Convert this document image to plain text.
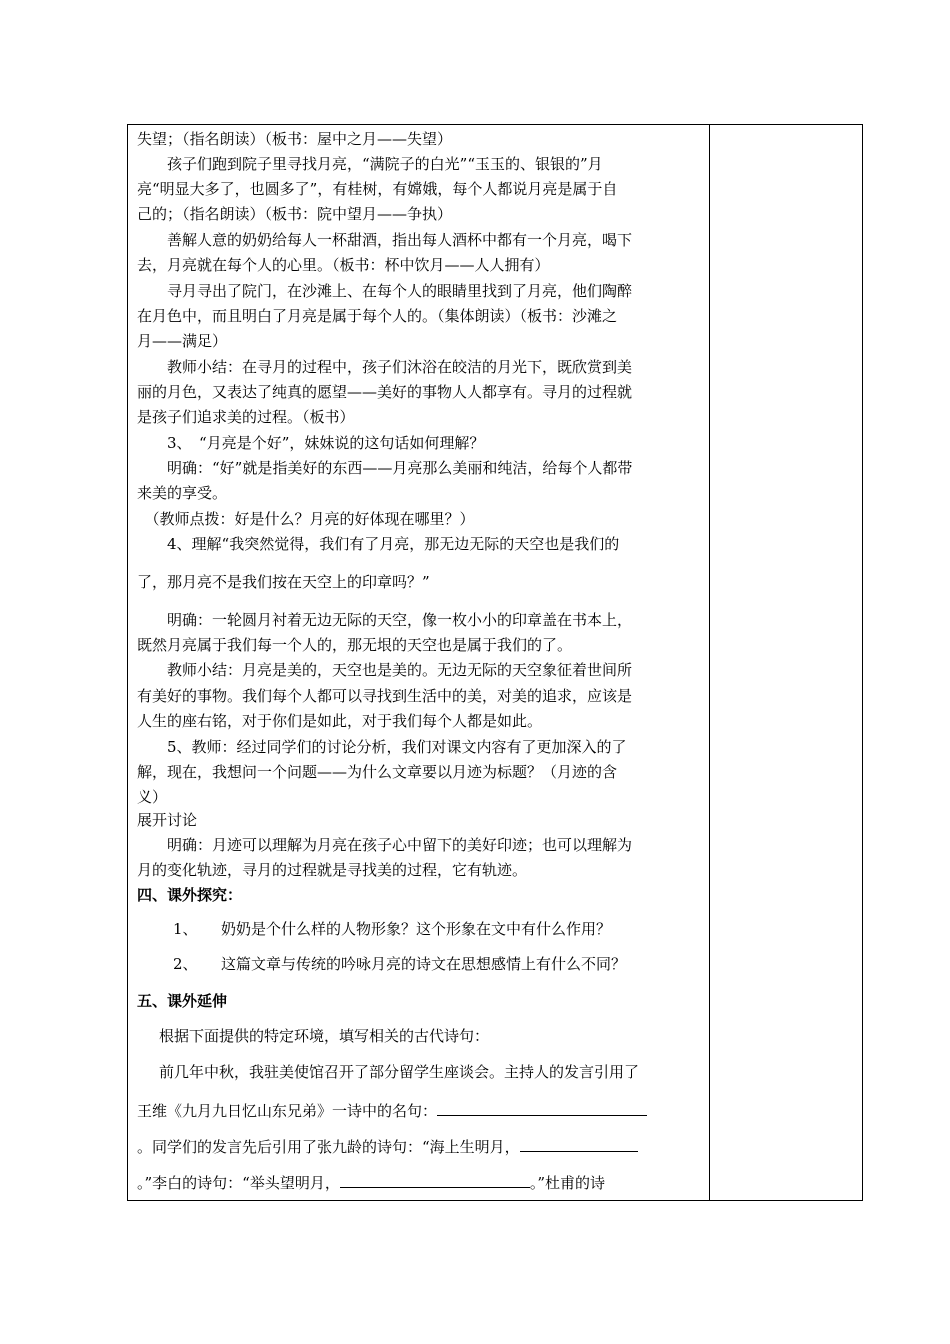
失望；（指名朗读）（板书：屋中之月——失望）
　　孩子们跑到院子里寻找月亮，“满院子的白光”“玉玉的、银银的”月
亮“明显大多了，也圆多了”，有桂树，有嫦娥，每个人都说月亮是属于自
己的；（指名朗读）（板书：院中望月——争执）
　　善解人意的奶奶给每人一杯甜酒，指出每人酒杯中都有一个月亮，喝下
去，月亮就在每个人的心里。（板书：杯中饮月——人人拥有）
　　寻月寻出了院门，在沙滩上、在每个人的眼睛里找到了月亮，他们陶醉
在月色中，而且明白了月亮是属于每个人的。（集体朗读）（板书：沙滩之
月——满足）
　　教师小结：在寻月的过程中，孩子们沐浴在皎洁的月光下，既欣赏到美
丽的月色，又表达了纯真的愿望——美好的事物人人都享有。寻月的过程就
是孩子们追求美的过程。（板书）
　　3、　“月亮是个好”，妹妹说的这句话如何理解？
　　明确：“好”就是指美好的东西——月亮那么美丽和纯洁，给每个人都带
来美的享受。
　（教师点拨：好是什么？月亮的好体现在哪里？）
　　4、理解“我突然觉得，我们有了月亮，那无边无际的天空也是我们的
了，那月亮不是我们按在天空上的印章吗？”
　　明确：一轮圆月衬着无边无际的天空，像一枚小小的印章盖在书本上，
既然月亮属于我们每一个人的，那无垠的天空也是属于我们的了。
　　教师小结：月亮是美的，天空也是美的。无边无际的天空象征着世间所
有美好的事物。我们每个人都可以寻找到生活中的美，对美的追求，应该是
人生的座右铭，对于你们是如此，对于我们每个人都是如此。
　　5、教师：经过同学们的讨论分析，我们对课文内容有了更加深入的了
解，现在，我想问一个问题——为什么文章要以月迹为标题？（月迹的含
义）
展开讨论
　　明确：月迹可以理解为月亮在孩子心中留下的美好印迹；也可以理解为
月的变化轨迹，寻月的过程就是寻找美的过程，它有轨迹。
四、课外探究：
1、 奶奶是个什么样的人物形象？这个形象在文中有什么作用？
2、 这篇文章与传统的吟咏月亮的诗文在思想感情上有什么不同？
五、课外延伸
根据下面提供的特定环境，填写相关的古代诗句：
前几年中秋，我驻美使馆召开了部分留学生座谈会。主持人的发言引用了
王维《九月九日忆山东兄弟》一诗中的名句：
。同学们的发言先后引用了张九龄的诗句：“海上生明月，
。”李白的诗句：“举头望明月，	。”杜甫的诗
